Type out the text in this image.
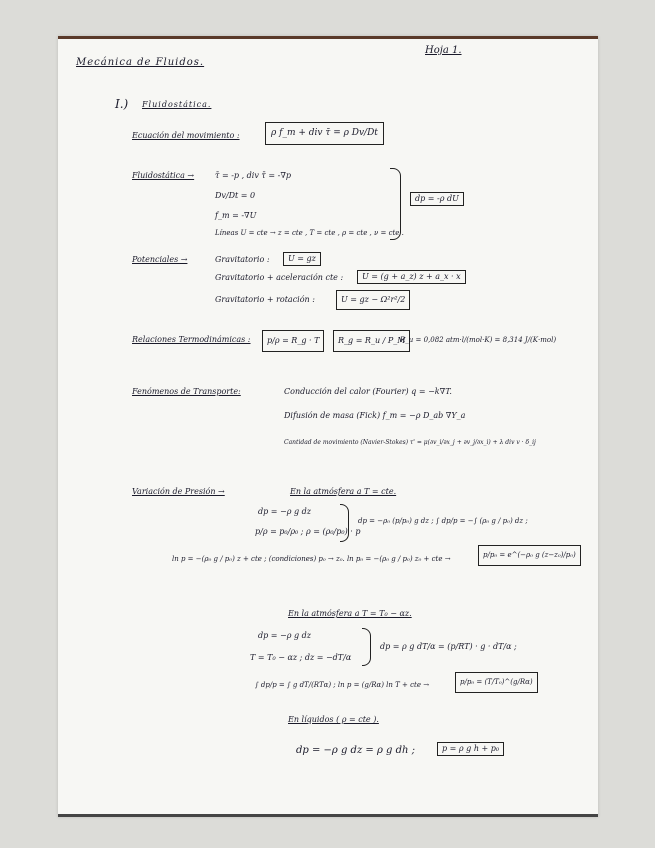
Mecánica de Fluidos.
Hoja 1.
I.) Fluidostática.
Ecuación del movimiento :	ρ f_m + div τ̄ = ρ Dv/Dt
Fluidostática →	τ̄ = -p , div τ̄ = -∇p
Dv/Dt = 0
f_m = -∇U
Líneas U = cte → z = cte , T = cte , ρ = cte , ν = cte .
dp = -ρ dU
Potenciales →	Gravitatorio :	U = gz
Gravitatorio + aceleración cte :	U = (g + a_z) z + a_x · x
Gravitatorio + rotación :	U = gz − Ω²r²/2
Relaciones Termodinámicas :	p/ρ = R_g · T	R_g = R_u / P_M
R_u = 0,082 atm·l/(mol·K) = 8,314 J/(K·mol)
Fenómenos de Transporte:	Conducción del calor (Fourier) q = −k∇T.
Difusión de masa (Fick) f_m = −ρ D_ab ∇Y_a
Cantidad de movimiento (Navier-Stokes) τ' = μ(∂v_i/∂x_j + ∂v_j/∂x_i) + λ div v · δ_ij
Variación de Presión →	En la atmósfera a T = cte.
dp = −ρ g dz
p/ρ = p₀/ρ₀ ; ρ = (ρ₀/p₀) · p
dp = −ρ₀ (p/p₀) g dz ; ∫ dp/p = −∫ (ρ₀ g / p₀) dz ;
ln p = −(ρ₀ g / p₀) z + cte ; (condiciones) p₀ → z₀. ln p₀ = −(ρ₀ g / p₀) z₀ + cte →	p/p₀ = e^(−ρ₀ g (z−z₀)/p₀)
En la atmósfera a T = T₀ − αz.
dp = −ρ g dz
T = T₀ − αz ; dz = −dT/α
dp = ρ g dT/α = (p/RT) · g · dT/α ;
∫ dp/p = ∫ g dT/(RTα) ; ln p = (g/Rα) ln T + cte →	p/p₀ = (T/T₀)^(g/Rα)
En líquidos ( ρ = cte ).
dp = −ρ g dz = ρ g dh ;	p = ρ g h + p₀
